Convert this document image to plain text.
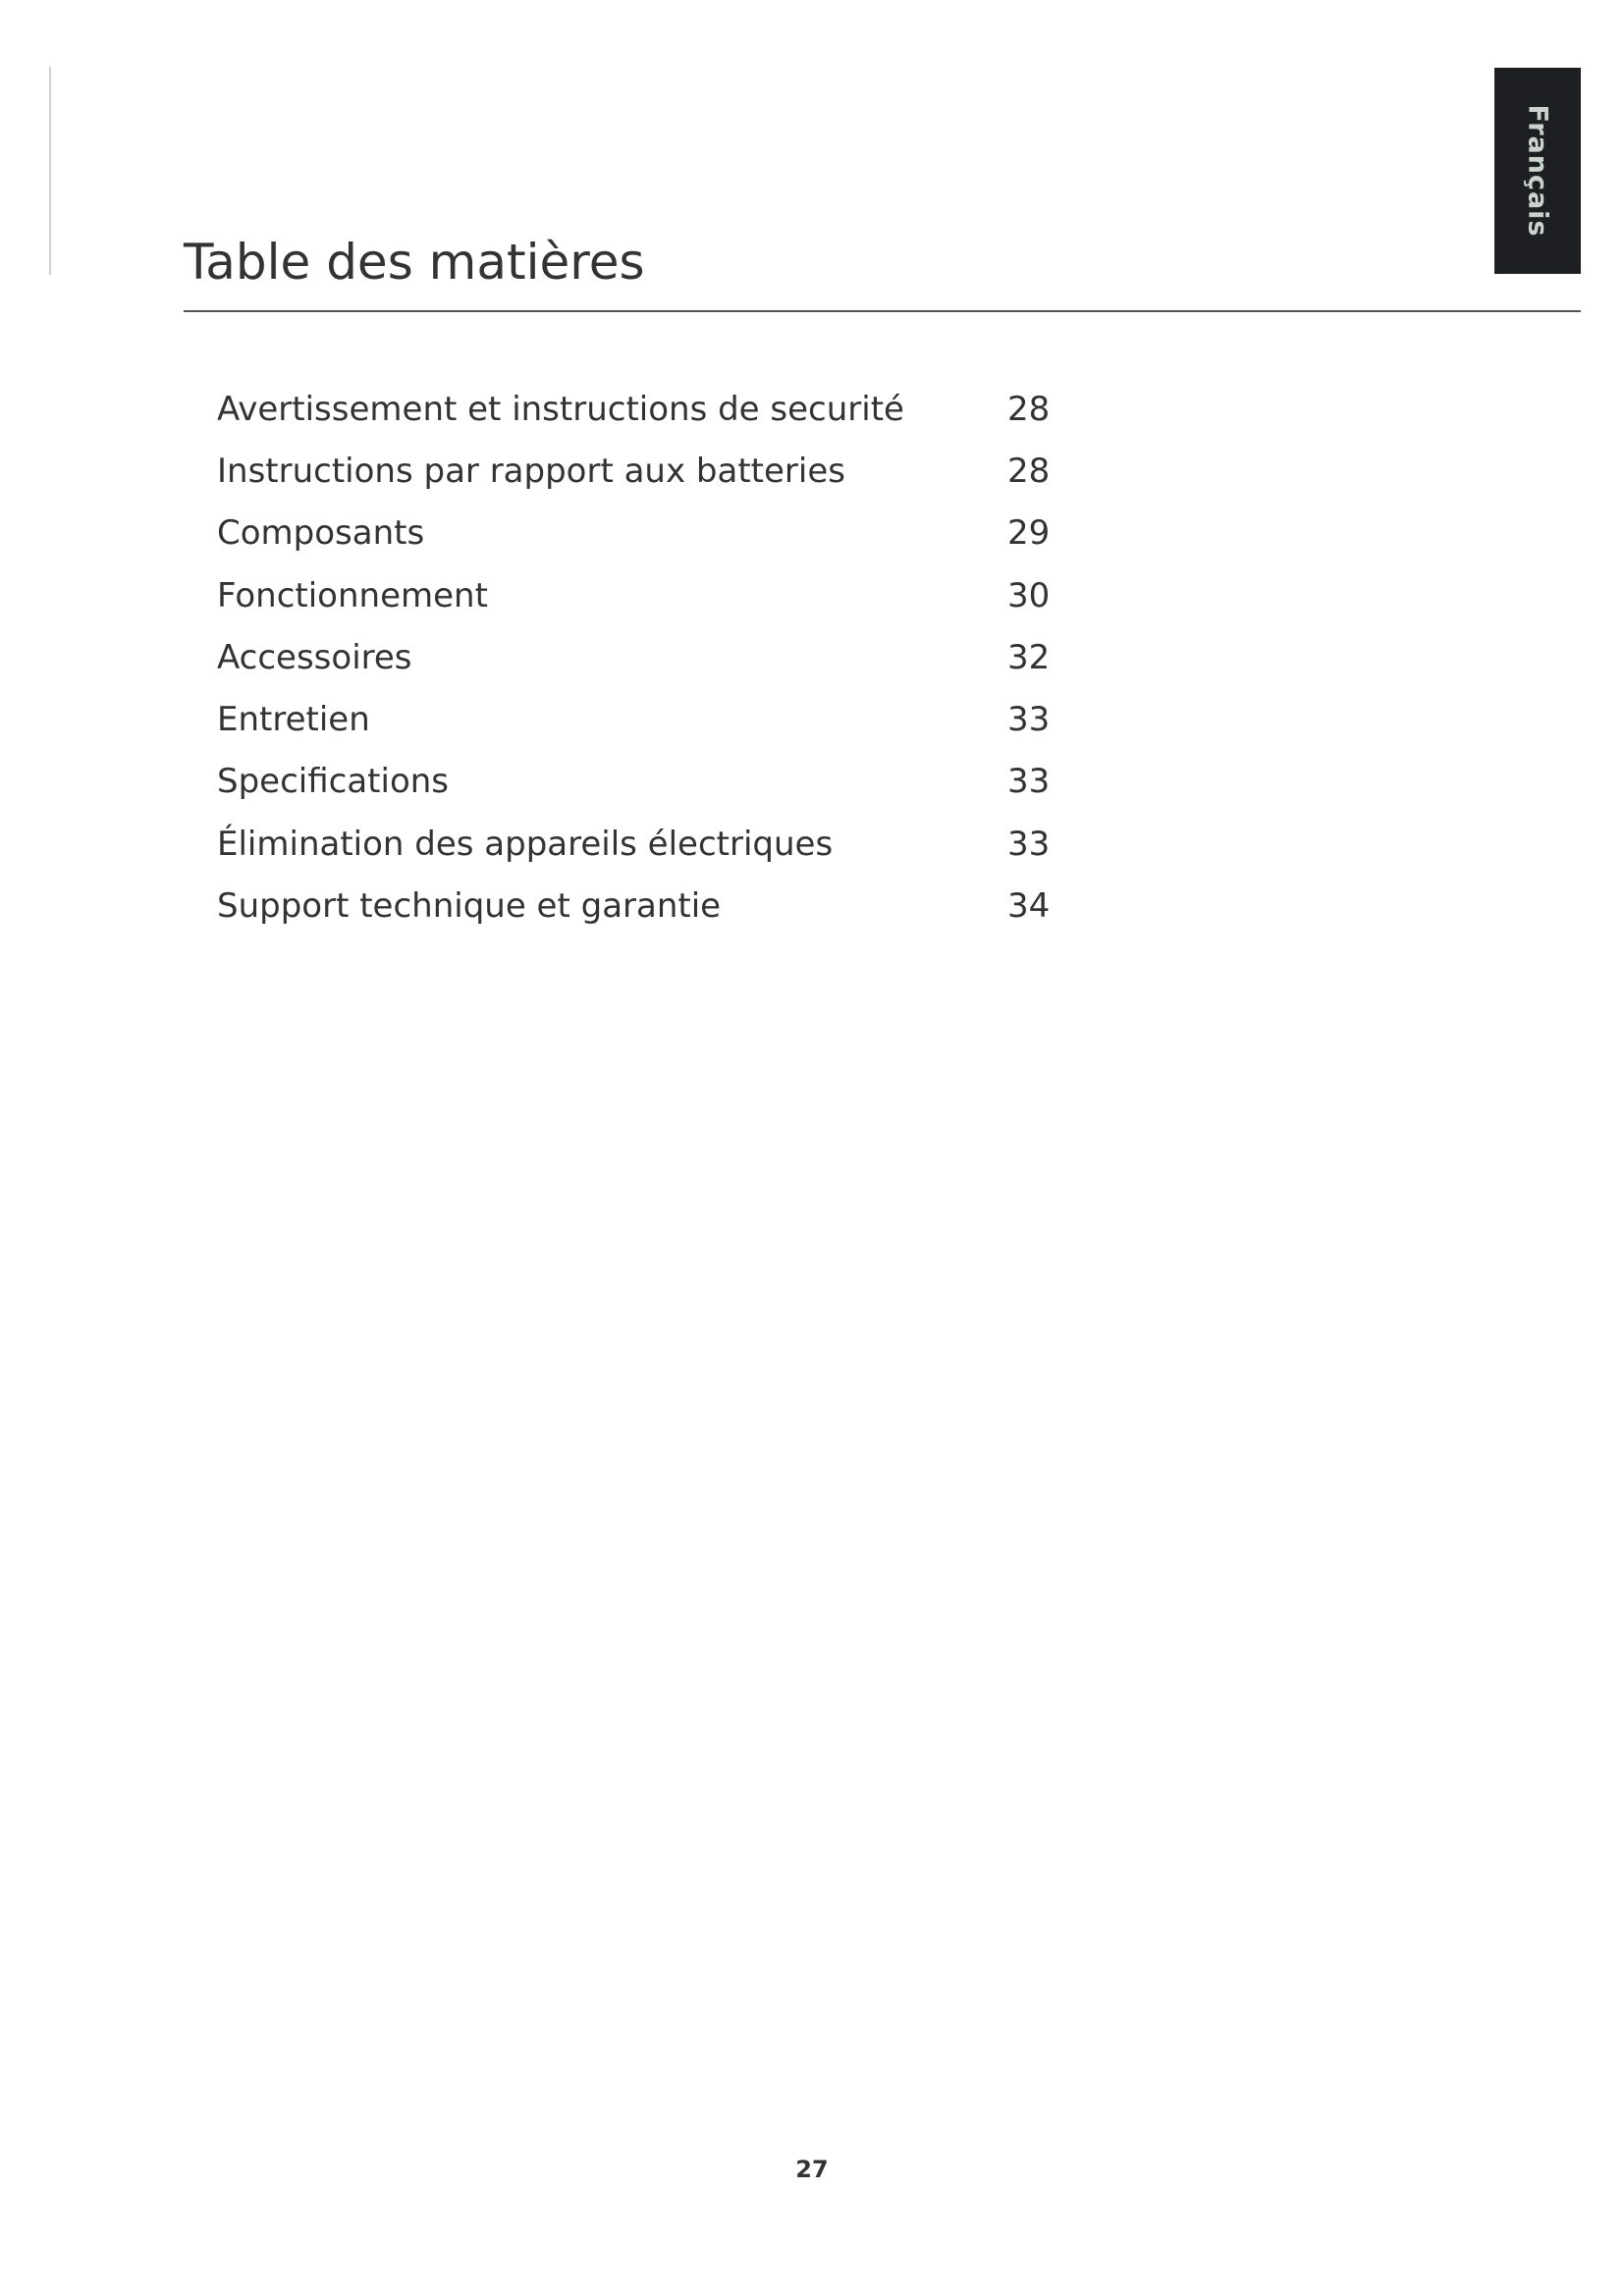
Français
Table des matières
Avertissement et instructions de securité	28
Instructions par rapport aux batteries	28
Composants	29
Fonctionnement	30
Accessoires	32
Entretien	33
Specifications	33
Élimination des appareils électriques	33
Support technique et garantie	34
27
